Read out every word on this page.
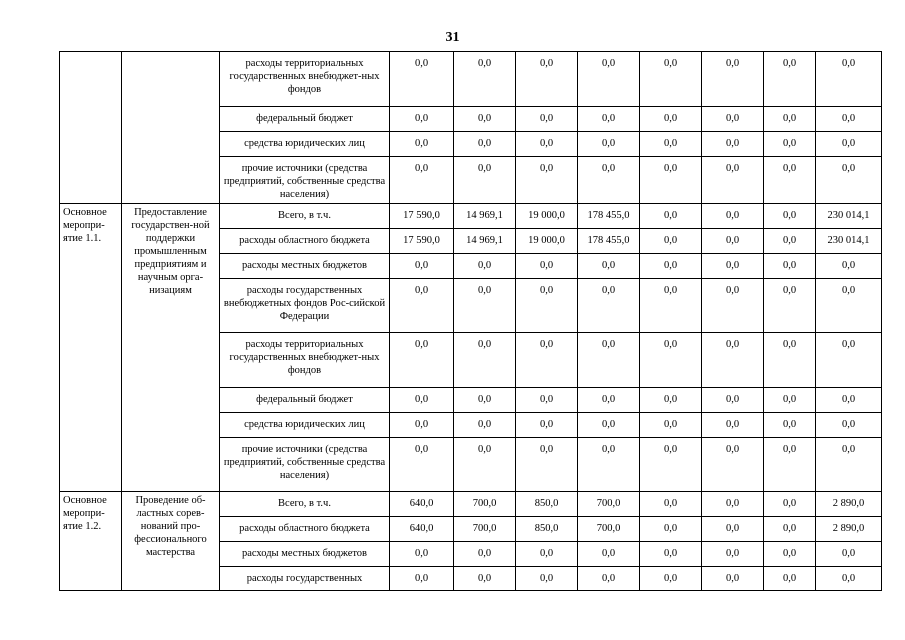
31
		расходы территориальных государственных внебюджет-ных фондов	0,0	0,0	0,0	0,0	0,0	0,0	0,0	0,0
		федеральный бюджет	0,0	0,0	0,0	0,0	0,0	0,0	0,0	0,0
		средства юридических лиц	0,0	0,0	0,0	0,0	0,0	0,0	0,0	0,0
		прочие источники (средства предприятий, собственные средства населения)	0,0	0,0	0,0	0,0	0,0	0,0	0,0	0,0
Основное меропри-ятие 1.1.	Предоставление государствен-ной поддержки промышленным предприятиям и научным орга-низациям	Всего, в т.ч.	17 590,0	14 969,1	19 000,0	178 455,0	0,0	0,0	0,0	230 014,1
		расходы областного бюджета	17 590,0	14 969,1	19 000,0	178 455,0	0,0	0,0	0,0	230 014,1
		расходы местных бюджетов	0,0	0,0	0,0	0,0	0,0	0,0	0,0	0,0
		расходы государственных внебюджетных фондов Рос-сийской Федерации	0,0	0,0	0,0	0,0	0,0	0,0	0,0	0,0
		расходы территориальных государственных внебюджет-ных фондов	0,0	0,0	0,0	0,0	0,0	0,0	0,0	0,0
		федеральный бюджет	0,0	0,0	0,0	0,0	0,0	0,0	0,0	0,0
		средства юридических лиц	0,0	0,0	0,0	0,0	0,0	0,0	0,0	0,0
		прочие источники (средства предприятий, собственные средства населения)	0,0	0,0	0,0	0,0	0,0	0,0	0,0	0,0
Основное меропри-ятие 1.2.	Проведение об-ластных сорев-нований про-фессионального мастерства	Всего, в т.ч.	640,0	700,0	850,0	700,0	0,0	0,0	0,0	2 890,0
		расходы областного бюджета	640,0	700,0	850,0	700,0	0,0	0,0	0,0	2 890,0
		расходы местных бюджетов	0,0	0,0	0,0	0,0	0,0	0,0	0,0	0,0
		расходы государственных	0,0	0,0	0,0	0,0	0,0	0,0	0,0	0,0
